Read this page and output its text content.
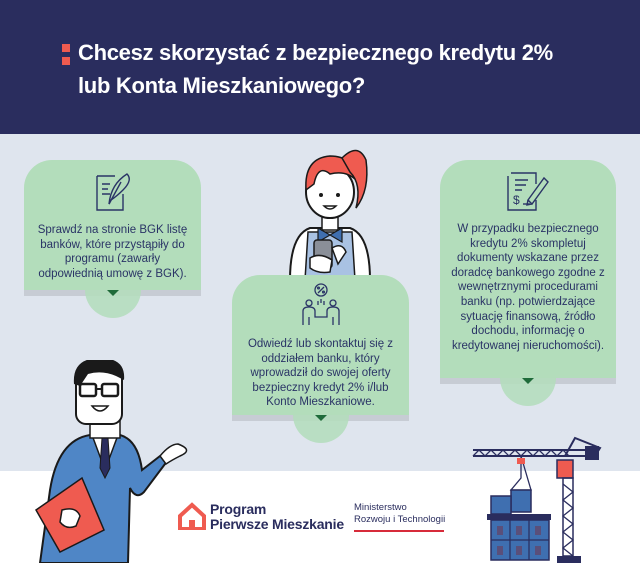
Chcesz skorzystać z bezpiecznego kredytu 2%
lub Konta Mieszkaniowego?
Sprawdź na stronie BGK listę banków, które przystąpiły do programu (zawarły odpowiednią umowę z BGK).
Odwiedź lub skontaktuj się z oddziałem banku, który wprowadził do swojej oferty bezpieczny kredyt 2% i/lub Konto Mieszkaniowe.
$
W przypadku bezpiecznego kredytu 2% skompletuj dokumenty wskazane przez doradcę bankowego zgodne z wewnętrznymi procedurami banku (np. potwierdzające sytuację finansową, źródło dochodu, informację o kredytowanej nieruchomości).
Program
Pierwsze Mieszkanie
Ministerstwo
Rozwoju i Technologii
